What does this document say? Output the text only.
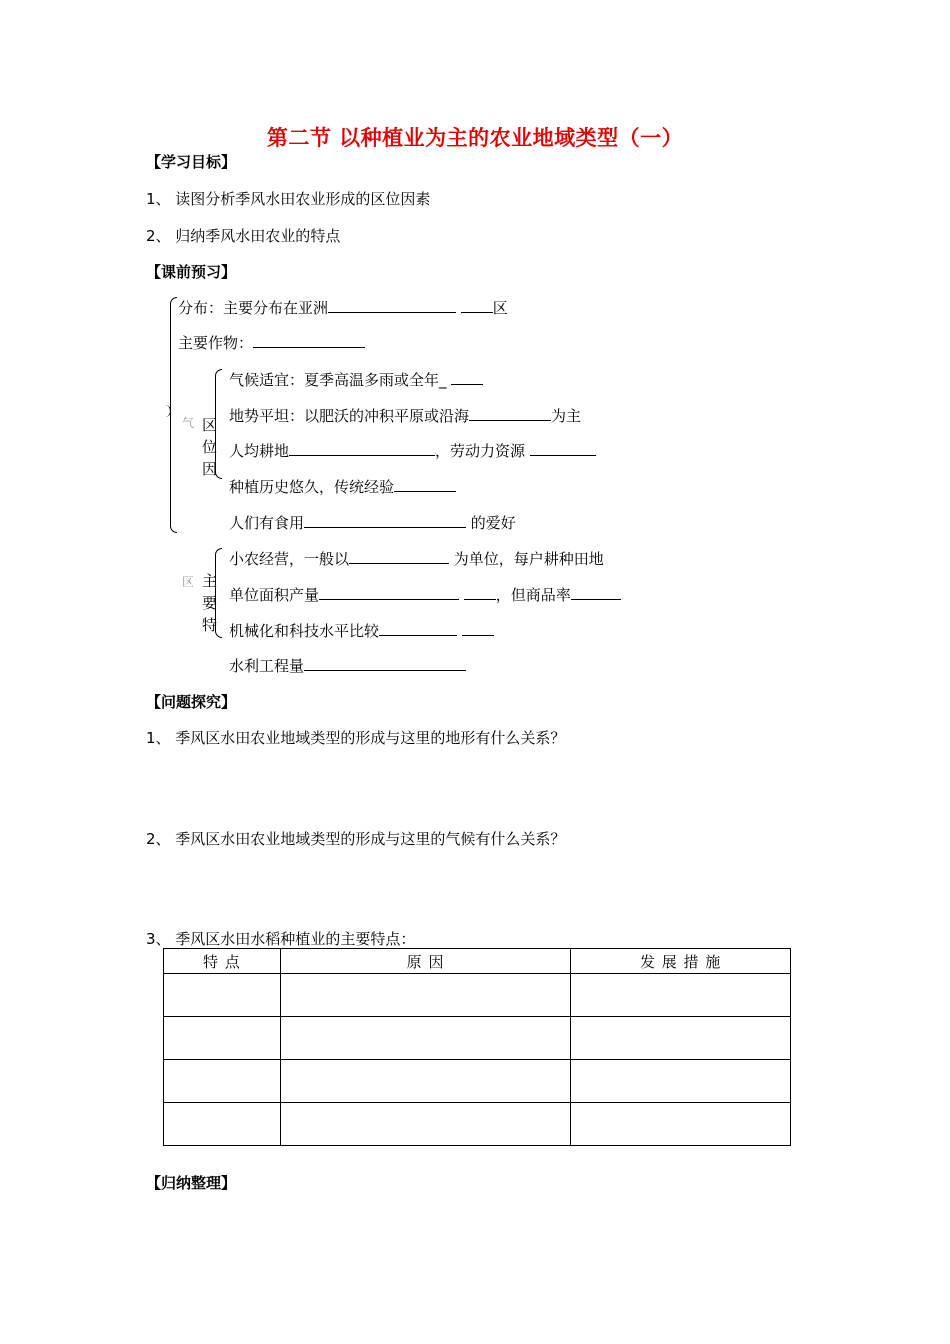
第二节 以种植业为主的农业地域类型（一）
【学习目标】
1、 读图分析季风水田农业形成的区位因素
2、 归纳季风水田农业的特点
【课前预习】
分布：主要分布在亚洲	区
主要作物：
气 区
位
因
气候适宜：夏季高温多雨或全年_
地势平坦：以肥沃的冲积平原或沿海	为主
人均耕地	，劳动力资源
种植历史悠久，传统经验
人们有食用	的爱好
区 主
要
特
小农经营，一般以	为单位，每户耕种田地
单位面积产量	，但商品率
机械化和科技水平比较
水利工程量
【问题探究】
1、 季风区水田农业地域类型的形成与这里的地形有什么关系？
2、 季风区水田农业地域类型的形成与这里的气候有什么关系？
3、 季风区水田水稻种植业的主要特点：
特 点	原 因	发 展 措 施

【归纳整理】
